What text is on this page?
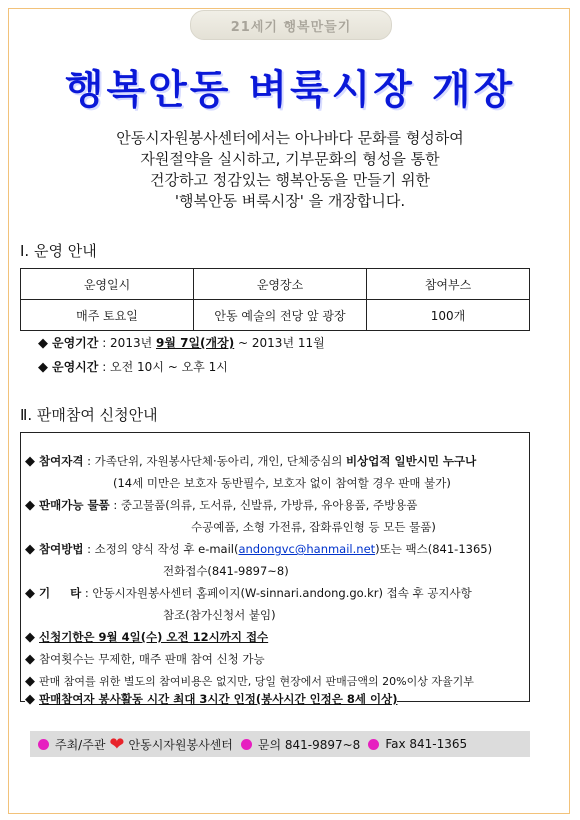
21세기 행복만들기
행복안동 벼룩시장 개장
안동시자원봉사센터에서는 아나바다 문화를 형성하여
자원절약을 실시하고, 기부문화의 형성을 통한
건강하고 정감있는 행복안동을 만들기 위한
'행복안동 벼룩시장' 을 개장합니다.
Ⅰ. 운영 안내
운영일시	운영장소	참여부스
매주 토요일	안동 예술의 전당 앞 광장	100개
◆ 운영기간 : 2013년 9월 7일(개장) ~ 2013년 11월
◆ 운영시간 : 오전 10시 ~ 오후 1시
Ⅱ. 판매참여 신청안내
◆ 참여자격 : 가족단위, 자원봉사단체·동아리, 개인, 단체중심의 비상업적 일반시민 누구나
(14세 미만은 보호자 동반필수, 보호자 없이 참여할 경우 판매 불가)
◆ 판매가능 물품 : 중고물품(의류, 도서류, 신발류, 가방류, 유아용품, 주방용품
수공예품, 소형 가전류, 잡화류인형 등 모든 물품)
◆ 참여방법 : 소정의 양식 작성 후 e-mail(andongvc@hanmail.net)또는 팩스(841-1365)
전화접수(841-9897~8)
◆ 기     타 : 안동시자원봉사센터 홈페이지(W-sinnari.andong.go.kr) 접속 후 공지사항
참조(참가신청서 붙임)
◆ 신청기한은 9월 4일(수) 오전 12시까지 접수
◆ 참여횟수는 무제한, 매주 판매 참여 신청 가능
◆ 판매 참여를 위한 별도의 참여비용은 없지만, 당일 현장에서 판매금액의 20%이상 자율기부
◆ 판매참여자 봉사활동 시간 최대 3시간 인정(봉사시간 인정은 8세 이상)
주최/주관 ❤ 안동시자원봉사센터 문의 841-9897~8 Fax 841-1365
